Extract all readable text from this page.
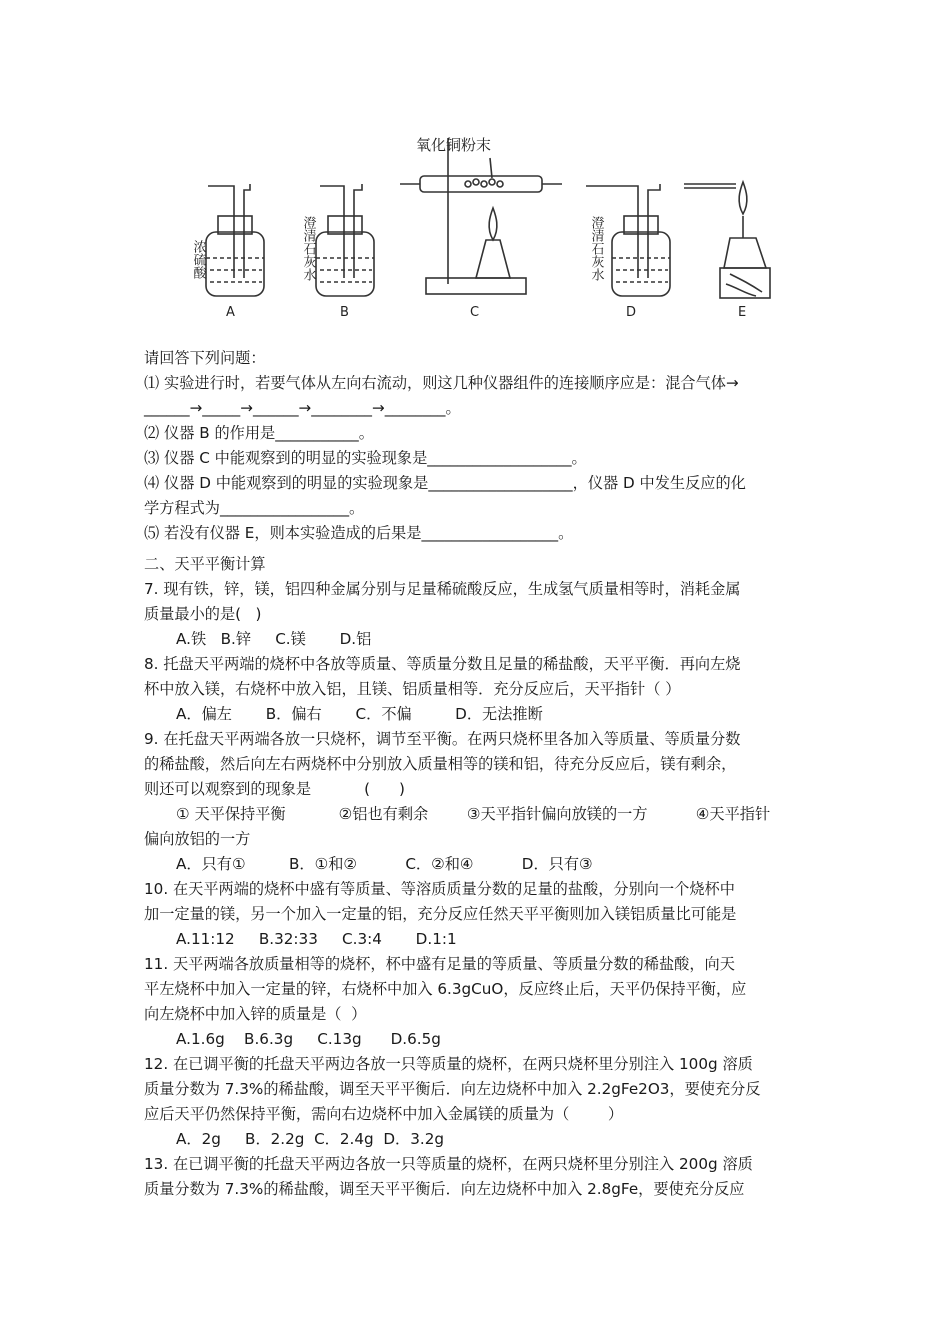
氧化铜粉末
浓硫酸	澄清石灰水	澄清石灰水
A	B	C	D	E
请回答下列问题：
⑴ 实验进行时，若要气体从左向右流动，则这几种仪器组件的连接顺序应是：混合气体→
______→_____→______→________→________。
⑵ 仪器 B 的作用是___________。
⑶ 仪器 C 中能观察到的明显的实验现象是___________________。
⑷ 仪器 D 中能观察到的明显的实验现象是___________________，仪器 D 中发生反应的化
学方程式为_________________。
⑸ 若没有仪器 E，则本实验造成的后果是__________________。
二、天平平衡计算
7. 现有铁，锌，镁，铝四种金属分别与足量稀硫酸反应，生成氢气质量相等时，消耗金属
质量最小的是(   )
A.铁   B.锌     C.镁       D.铝
8. 托盘天平两端的烧杯中各放等质量、等质量分数且足量的稀盐酸，天平平衡．再向左烧
杯中放入镁，右烧杯中放入铝，且镁、铝质量相等．充分反应后，天平指针（ ）
A．偏左       B．偏右       C．不偏         D．无法推断
9. 在托盘天平两端各放一只烧杯，调节至平衡。在两只烧杯里各加入等质量、等质量分数
的稀盐酸，然后向左右两烧杯中分别放入质量相等的镁和铝，待充分反应后，镁有剩余，
则还可以观察到的现象是           (      )
① 天平保持平衡           ②铝也有剩余        ③天平指针偏向放镁的一方          ④天平指针
偏向放铝的一方
A．只有①         B．①和②          C．②和④          D．只有③
10. 在天平两端的烧杯中盛有等质量、等溶质质量分数的足量的盐酸，分别向一个烧杯中
加一定量的镁，另一个加入一定量的铝，充分反应任然天平平衡则加入镁铝质量比可能是
A.11:12     B.32:33     C.3:4       D.1:1
11. 天平两端各放质量相等的烧杯，杯中盛有足量的等质量、等质量分数的稀盐酸，向天
平左烧杯中加入一定量的锌，右烧杯中加入 6.3gCuO，反应终止后，天平仍保持平衡，应
向左烧杯中加入锌的质量是（  ）
A.1.6g    B.6.3g     C.13g      D.6.5g
12. 在已调平衡的托盘天平两边各放一只等质量的烧杯，在两只烧杯里分别注入 100g 溶质
质量分数为 7.3%的稀盐酸，调至天平平衡后．向左边烧杯中加入 2.2gFe2O3，要使充分反
应后天平仍然保持平衡，需向右边烧杯中加入金属镁的质量为（        ）
A．2g     B．2.2g  C．2.4g  D．3.2g
13. 在已调平衡的托盘天平两边各放一只等质量的烧杯，在两只烧杯里分别注入 200g 溶质
质量分数为 7.3%的稀盐酸，调至天平平衡后．向左边烧杯中加入 2.8gFe，要使充分反应
